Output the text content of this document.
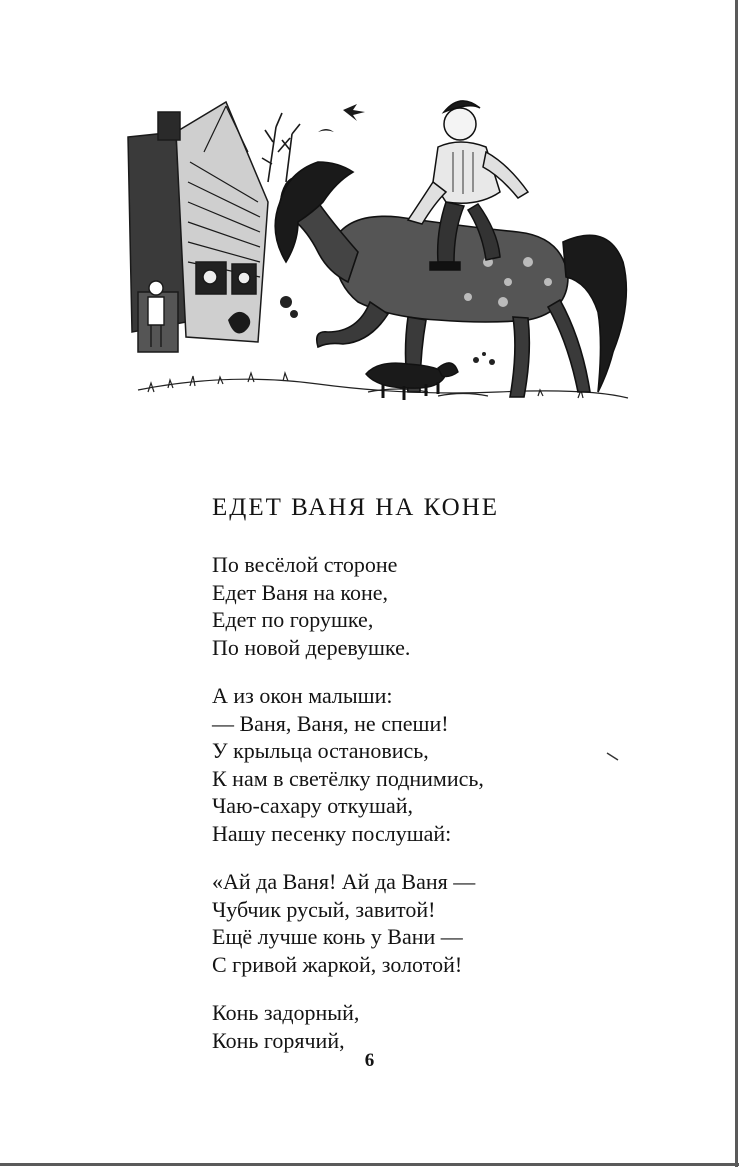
ЕДЕТ ВАНЯ НА КОНЕ
По весёлой стороне
Едет Ваня на коне,
Едет по горушке,
По новой деревушке.
А из окон малыши:
— Ваня, Ваня, не спеши!
У крыльца остановись,
К нам в светёлку поднимись,
Чаю-сахару откушай,
Нашу песенку послушай:
«Ай да Ваня! Ай да Ваня —
Чубчик русый, завитой!
Ещё лучше конь у Вани —
С гривой жаркой, золотой!
Конь задорный,
Конь горячий,
6
